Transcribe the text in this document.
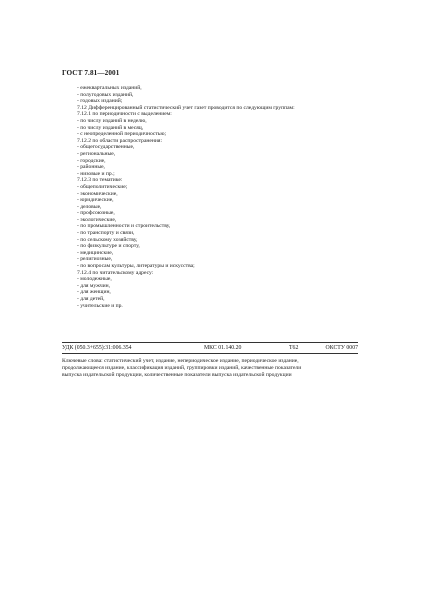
ГОСТ 7.81—2001
- ежеквартальных изданий,
- полугодовых изданий,
- годовых изданий;
7.12 Дифференцированный статистический учет газет проводится по следующим группам:
7.12.1 по периодичности с выделением:
- по числу изданий в неделю,
- по числу изданий в месяц,
- с неопределенной периодичностью;
7.12.2 по области распространения:
- общегосударственные,
- региональные,
- городские,
- районные,
- низовые и пр.;
7.12.3 по тематике:
- общеполитические;
- экономические,
- юридические,
- деловые,
- профсоюзные,
- экологические,
- по промышленности и строительству,
- по транспорту и связи,
- по сельскому хозяйству,
- по физкультуре и спорту,
- медицинские,
- религиозные,
- по вопросам культуры, литературы и искусства;
7.12.4 по читательскому адресу:
- молодежные,
- для мужчин,
- для женщин,
- для детей,
- учительские и пр.
УДК (050.3+655):31:006.354	МКС 01.140.20	Т62	ОКСТУ 0007
Ключевые слова: статистический учет, издание, непериодическое издание, периодическое издание,
продолжающееся издание, классификация изданий, группировки изданий, качественные показатели
выпуска издательской продукции, количественные показатели выпуска издательской продукции
